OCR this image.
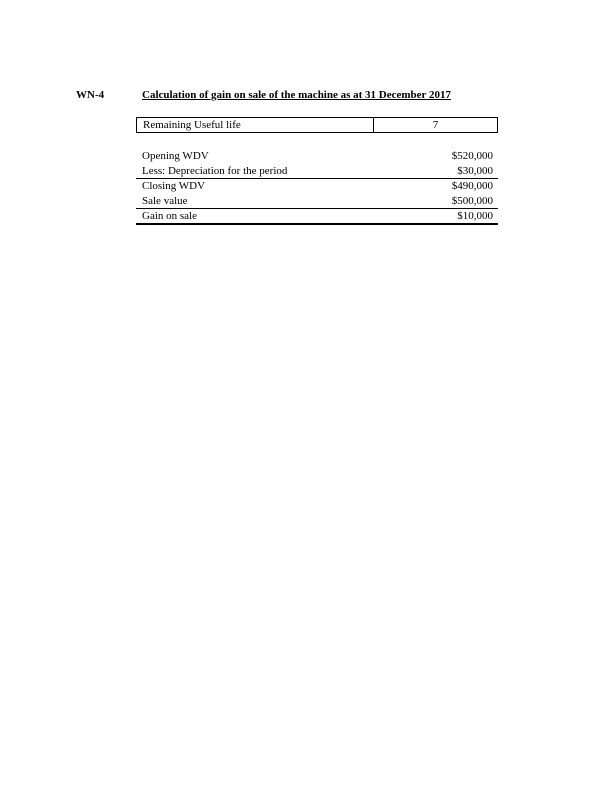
WN-4	Calculation of gain on sale of the machine as at 31 December 2017
Remaining Useful life	7
Opening WDV	$520,000
Less: Depreciation for the period	$30,000
Closing WDV	$490,000
Sale value	$500,000
Gain on sale	$10,000
